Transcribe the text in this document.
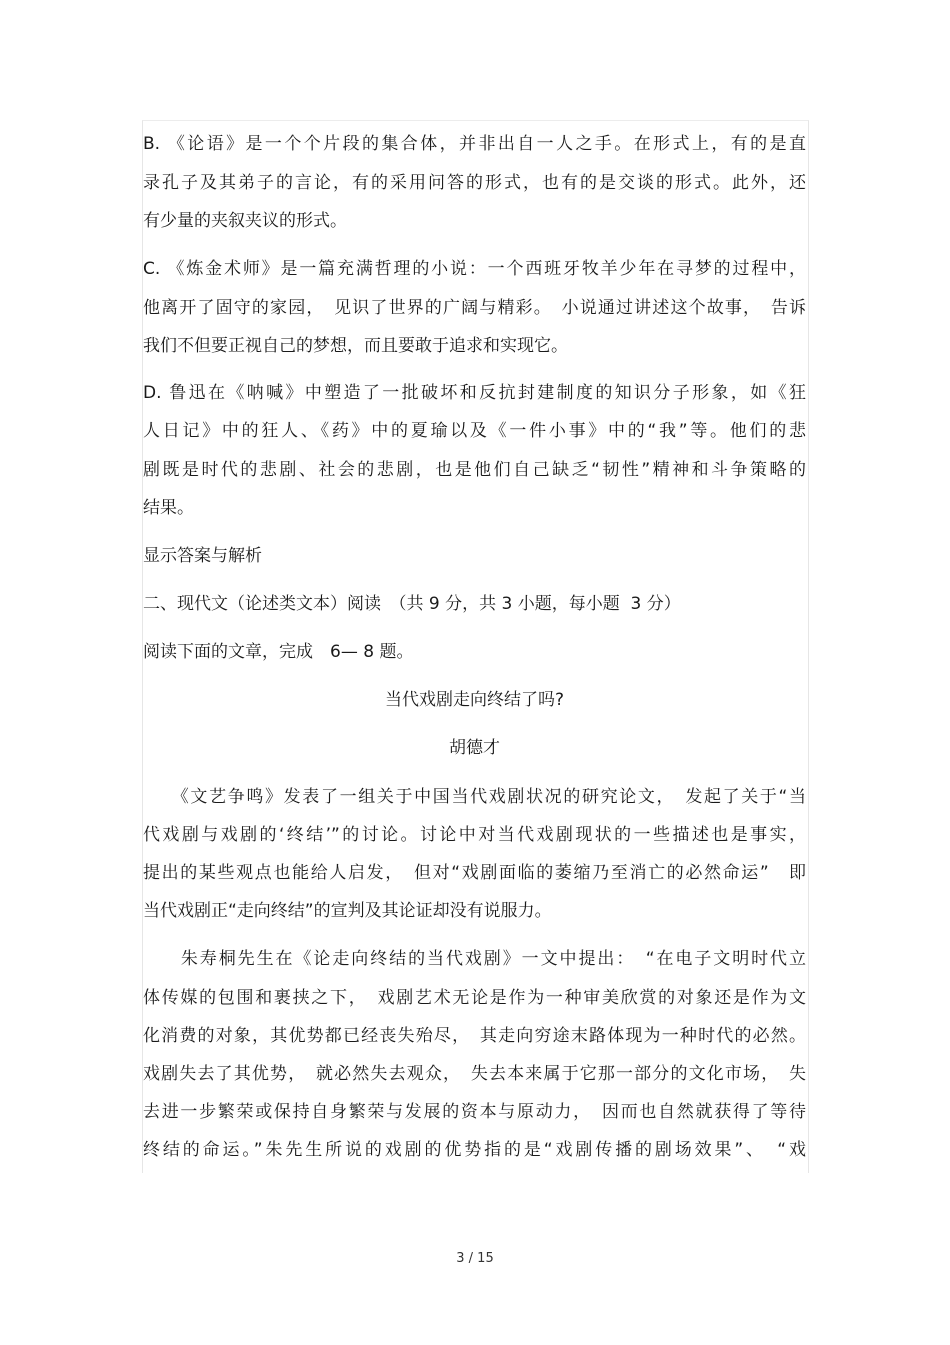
B. 《论语》是一个个片段的集合体，并非出自一人之手。在形式上，有的是直
录孔子及其弟子的言论，有的采用问答的形式，也有的是交谈的形式。此外，还
有少量的夹叙夹议的形式。
C. 《炼金术师》是一篇充满哲理的小说：一个西班牙牧羊少年在寻梦的过程中，
他离开了固守的家园，　见识了世界的广阔与精彩。　小说通过讲述这个故事，　告诉
我们不但要正视自己的梦想，而且要敢于追求和实现它。
D. 鲁迅在《呐喊》中塑造了一批破坏和反抗封建制度的知识分子形象，如《狂
人日记》中的狂人、《药》中的夏瑜以及《一件小事》中的“我”等。他们的悲
剧既是时代的悲剧、社会的悲剧，也是他们自己缺乏“韧性”精神和斗争策略的
结果。
显示答案与解析
二、现代文（论述类文本）阅读　（共 9 分，共 3 小题，每小题  3 分）
阅读下面的文章，完成　6— 8 题。
当代戏剧走向终结了吗?
胡德才
　　《文艺争鸣》发表了一组关于中国当代戏剧状况的研究论文，　发起了关于“当
代戏剧与戏剧的‘终结’”的讨论。讨论中对当代戏剧现状的一些描述也是事实，
提出的某些观点也能给人启发，　但对“戏剧面临的萎缩乃至消亡的必然命运”　即
当代戏剧正“走向终结”的宣判及其论证却没有说服力。
　　朱寿桐先生在《论走向终结的当代戏剧》一文中提出：　“在电子文明时代立
体传媒的包围和裹挟之下，　戏剧艺术无论是作为一种审美欣赏的对象还是作为文
化消费的对象，其优势都已经丧失殆尽，　其走向穷途末路体现为一种时代的必然。
戏剧失去了其优势，　就必然失去观众，　失去本来属于它那一部分的文化市场，　失
去进一步繁荣或保持自身繁荣与发展的资本与原动力，　因而也自然就获得了等待
终结的命运。”朱先生所说的戏剧的优势指的是“戏剧传播的剧场效果”、　“戏
3 / 15
